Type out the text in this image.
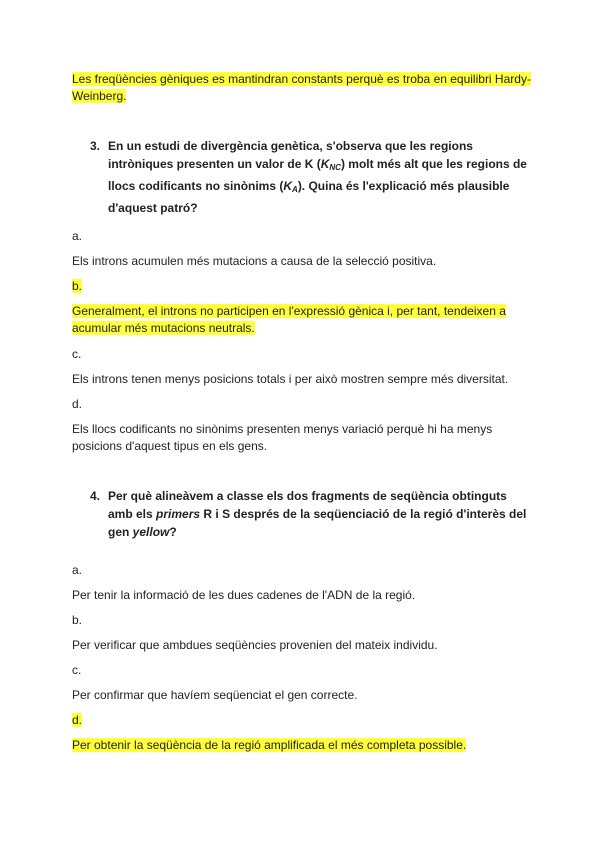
Les freqüències gèniques es mantindran constants perquè es troba en equilibri Hardy-Weinberg.

3. En un estudi de divergència genètica, s'observa que les regions intròniques presenten un valor de K $(K_{NC})$ molt més alt que les regions de llocs codificants no sinònims $(K_A)$. Quina és l'explicació més plausible d'aquest patró?

a.

Els introns acumulen més mutacions a causa de la selecció positiva.

b.

Generalment, el introns no participen en l'expressió gènica i, per tant, tendeixen a acumular més mutacions neutrals.

c.

Els introns tenen menys posicions totals i per això mostren sempre més diversitat.

d.

Els llocs codificants no sinònims presenten menys variació perquè hi ha menys posicions d'aquest tipus en els gens.

4. Per què alineàvem a classe els dos fragments de seqüència obtinguts amb els primers R i S després de la seqüenciació de la regió d'interès del gen yellow?

a.

Per tenir la informació de les dues cadenes de l'ADN de la regió.

b.

Per verificar que ambdues seqüències provenien del mateix individu.

c.

Per confirmar que havíem seqüenciat el gen correcte.

d.

Per obtenir la seqüència de la regió amplificada el més completa possible.
